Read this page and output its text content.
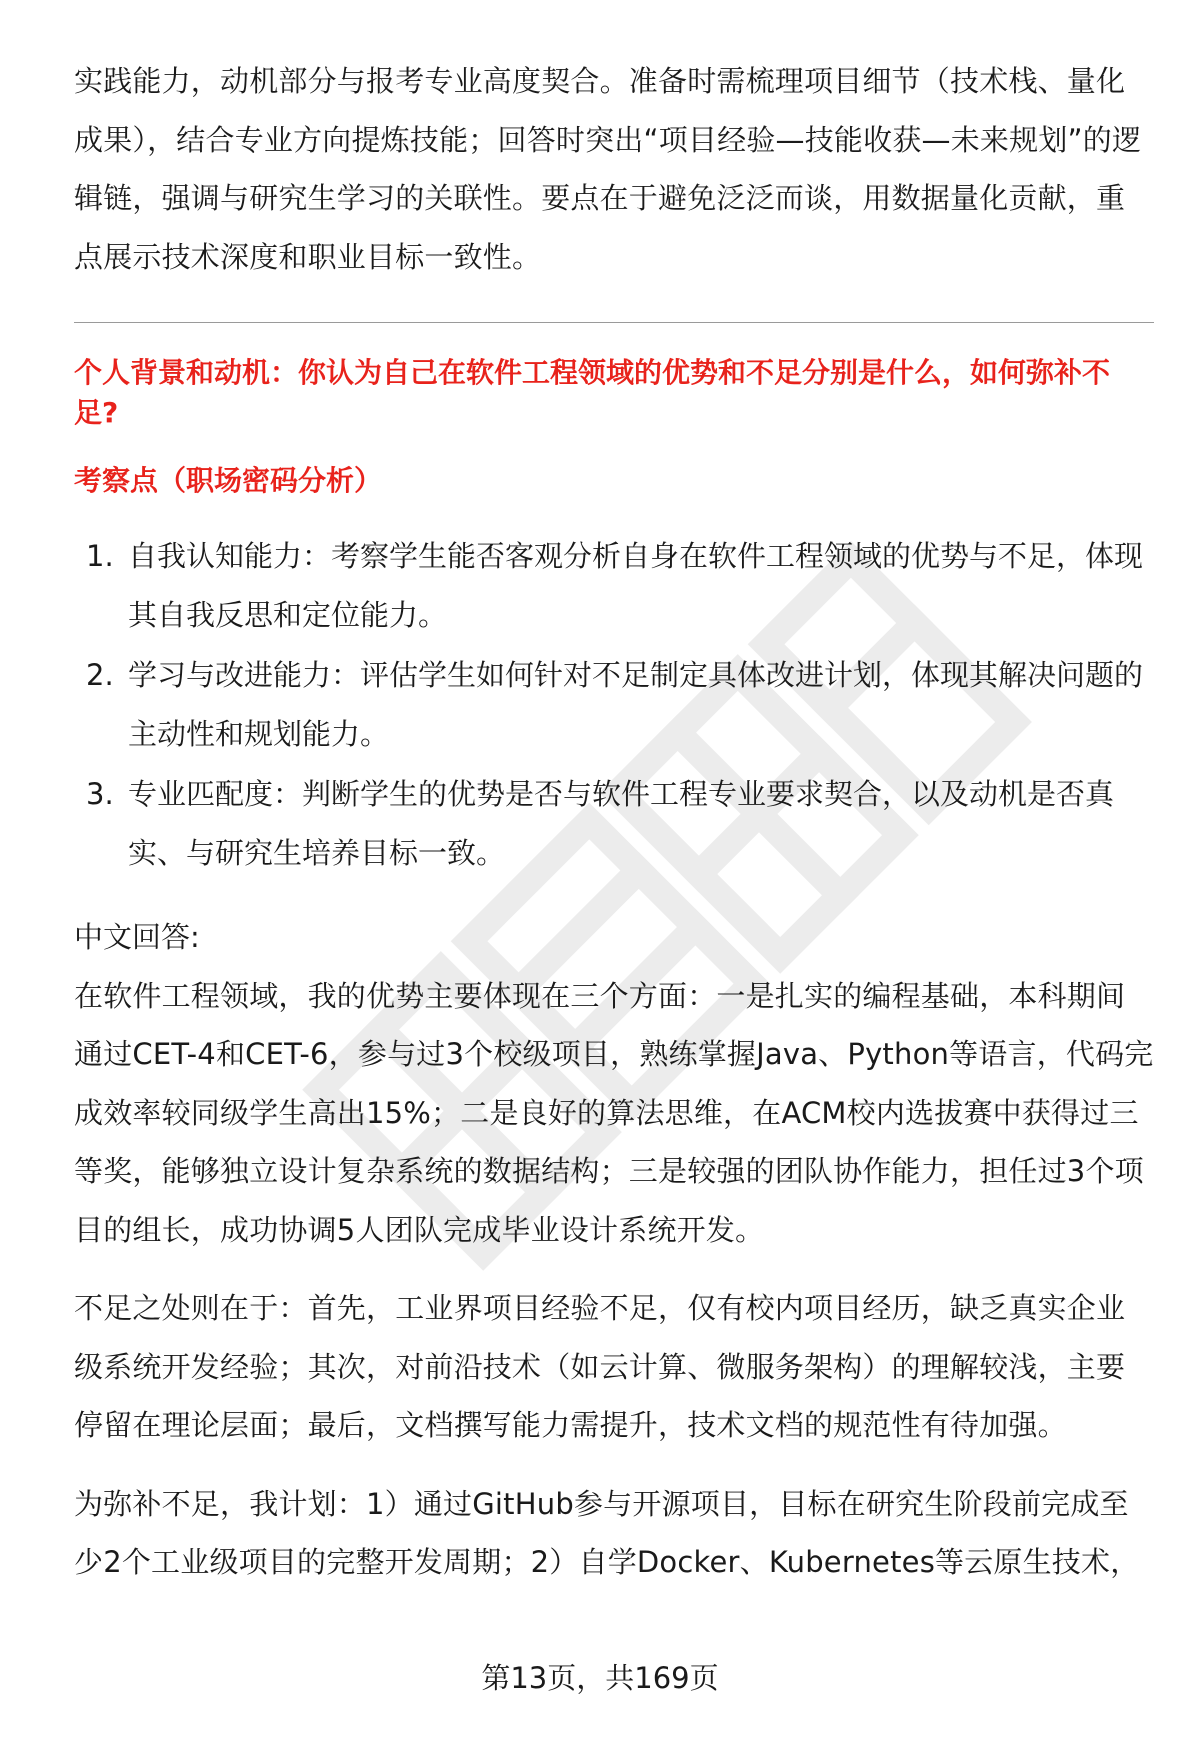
实践能力，动机部分与报考专业高度契合。准备时需梳理项目细节（技术栈、量化成果），结合专业方向提炼技能；回答时突出“项目经验—技能收获—未来规划”的逻辑链，强调与研究生学习的关联性。要点在于避免泛泛而谈，用数据量化贡献，重点展示技术深度和职业目标一致性。

个人背景和动机：你认为自己在软件工程领域的优势和不足分别是什么，如何弥补不足?

考察点（职场密码分析）

1. 自我认知能力：考察学生能否客观分析自身在软件工程领域的优势与不足，体现其自我反思和定位能力。
2. 学习与改进能力：评估学生如何针对不足制定具体改进计划，体现其解决问题的主动性和规划能力。
3. 专业匹配度：判断学生的优势是否与软件工程专业要求契合，以及动机是否真实、与研究生培养目标一致。

中文回答:

在软件工程领域，我的优势主要体现在三个方面：一是扎实的编程基础，本科期间通过CET-4和CET-6，参与过3个校级项目，熟练掌握Java、Python等语言，代码完成效率较同级学生高出15%；二是良好的算法思维，在ACM校内选拔赛中获得过三等奖，能够独立设计复杂系统的数据结构；三是较强的团队协作能力，担任过3个项目的组长，成功协调5人团队完成毕业设计系统开发。

不足之处则在于：首先，工业界项目经验不足，仅有校内项目经历，缺乏真实企业级系统开发经验；其次，对前沿技术（如云计算、微服务架构）的理解较浅，主要停留在理论层面；最后，文档撰写能力需提升，技术文档的规范性有待加强。

为弥补不足，我计划：1）通过GitHub参与开源项目，目标在研究生阶段前完成至少2个工业级项目的完整开发周期；2）自学Docker、Kubernetes等云原生技术，

第13页，共169页
